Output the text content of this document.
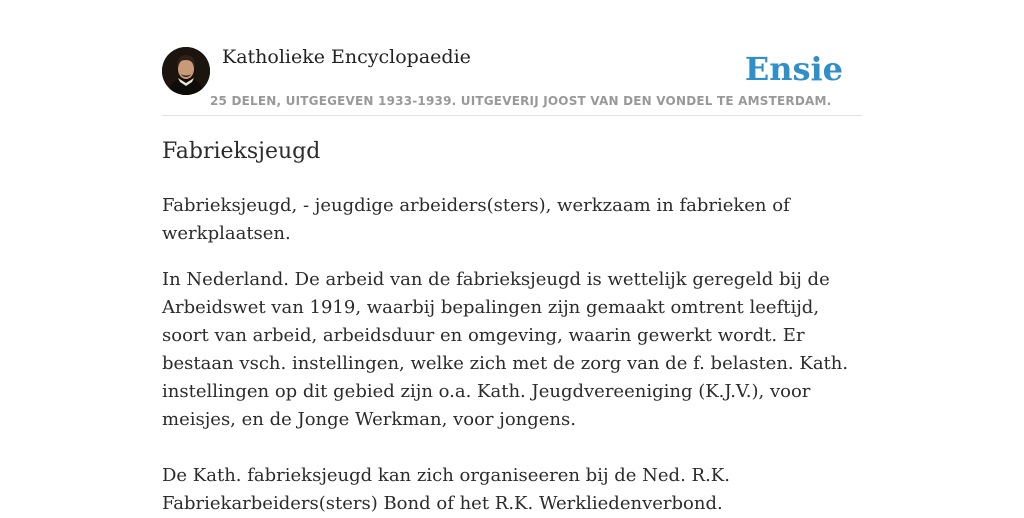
Katholieke Encyclopaedie
25 DELEN, UITGEGEVEN 1933-1939. UITGEVERIJ JOOST VAN DEN VONDEL TE AMSTERDAM.
Ensie
Fabrieksjeugd

Fabrieksjeugd, - jeugdige arbeiders(sters), werkzaam in fabrieken of werkplaatsen.

In Nederland. De arbeid van de fabrieksjeugd is wettelijk geregeld bij de Arbeidswet van 1919, waarbij bepalingen zijn gemaakt omtrent leeftijd, soort van arbeid, arbeidsduur en omgeving, waarin gewerkt wordt. Er bestaan vsch. instellingen, welke zich met de zorg van de f. belasten. Kath. instellingen op dit gebied zijn o.a. Kath. Jeugdvereeniging (K.J.V.), voor meisjes, en de Jonge Werkman, voor jongens.

De Kath. fabrieksjeugd kan zich organiseeren bij de Ned. R.K. Fabriekarbeiders(sters) Bond of het R.K. Werkliedenverbond.
